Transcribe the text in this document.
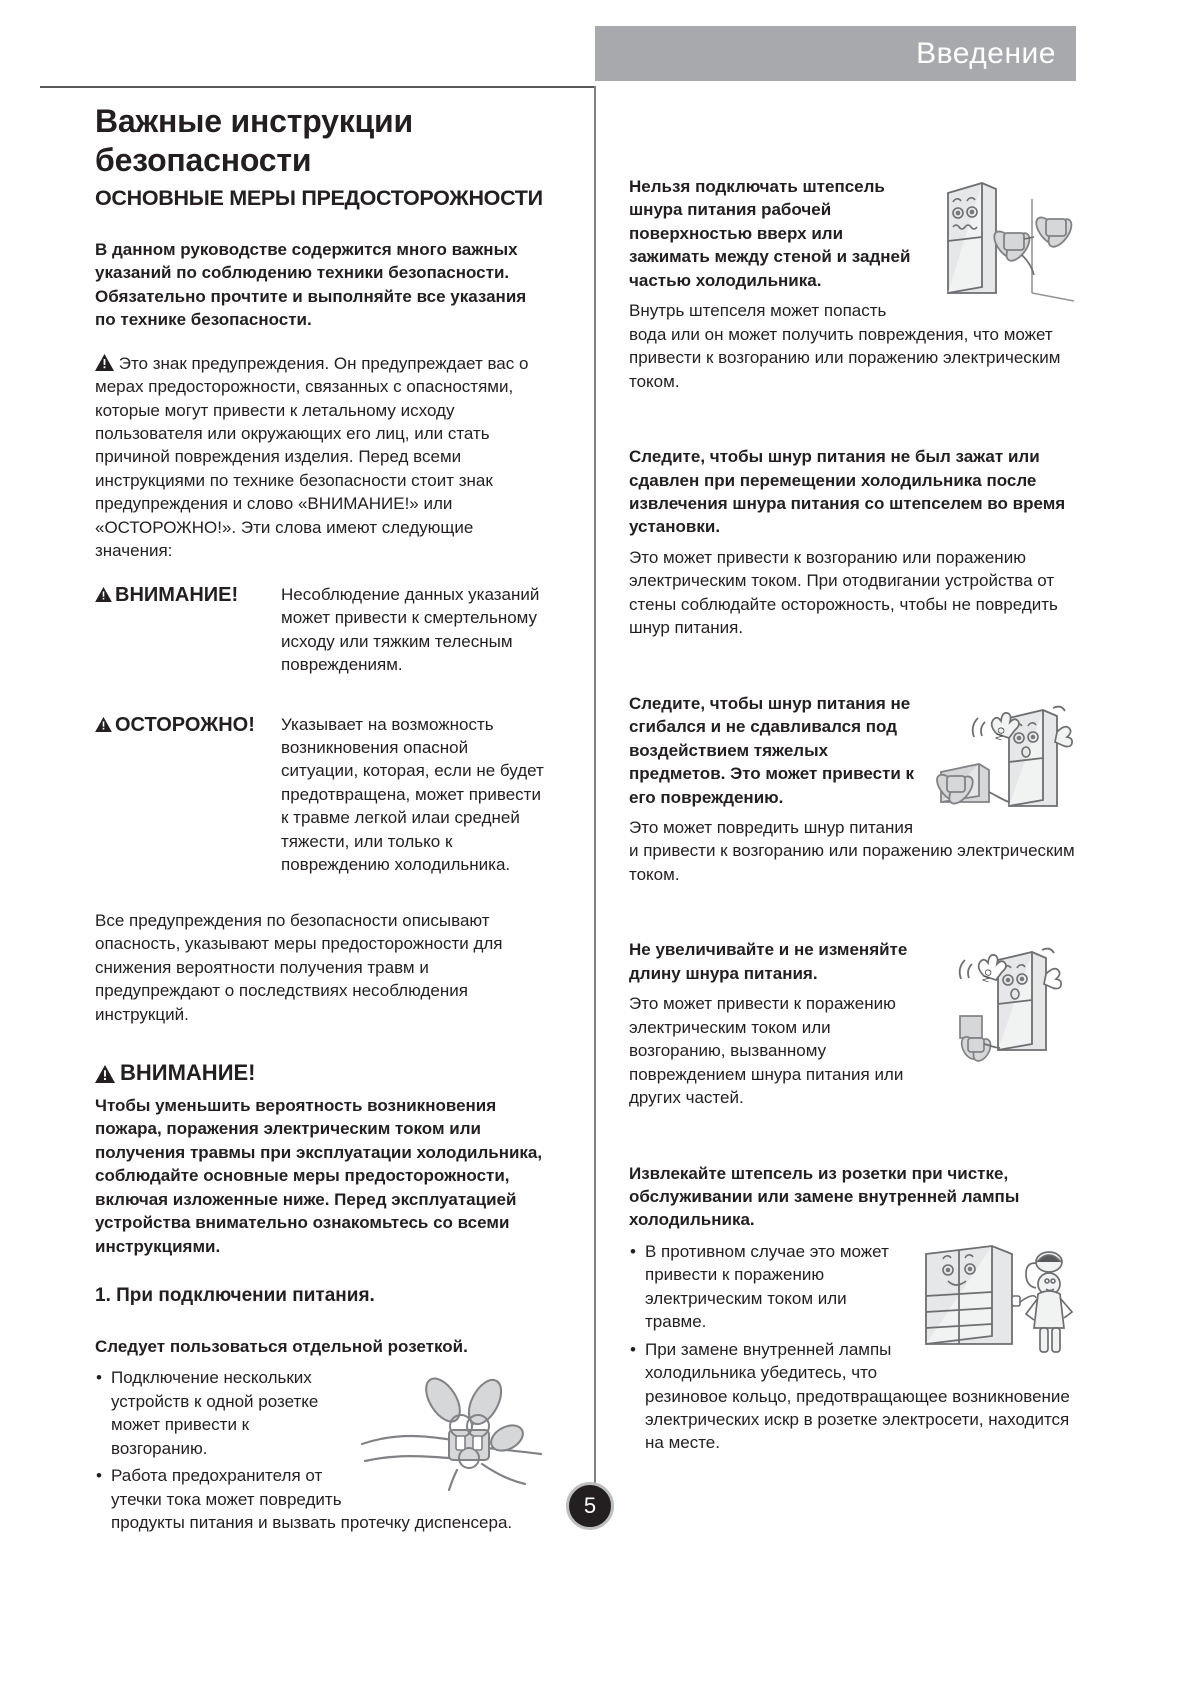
Введение
Важные инструкции безопасности
ОСНОВНЫЕ МЕРЫ ПРЕДОСТОРОЖНОСТИ

В данном руководстве содержится много важных указаний по соблюдению техники безопасности. Обязательно прочтите и выполняйте все указания по технике безопасности.

Это знак предупреждения. Он предупреждает вас о мерах предосторожности, связанных с опасностями, которые могут привести к летальному исходу пользователя или окружающих его лиц, или стать причиной повреждения изделия. Перед всеми инструкциями по технике безопасности стоит знак предупреждения и слово «ВНИМАНИЕ!» или «ОСТОРОЖНО!». Эти слова имеют следующие значения:

ВНИМАНИЕ!	Несоблюдение данных указаний может привести к смертельному исходу или тяжким телесным повреждениям.
ОСТОРОЖНО! Указывает на возможность возникновения опасной ситуации, которая, если не будет предотвращена, может привести к травме легкой илаи средней тяжести, или только к повреждению холодильника.

Все предупреждения по безопасности описывают опасность, указывают меры предосторожности для снижения вероятности получения травм и предупреждают о последствиях несоблюдения инструкций.

ВНИМАНИЕ!

Чтобы уменьшить вероятность возникновения пожара, поражения электрическим током или получения травмы при эксплуатации холодильника, соблюдайте основные меры предосторожности, включая изложенные ниже. Перед эксплуатацией устройства внимательно ознакомьтесь со всеми инструкциями.

1. При подключении питания.

Следует пользоваться отдельной розеткой.

• Подключение нескольких устройств к одной розетке может привести к возгоранию.
• Работа предохранителя от утечки тока может повредить продукты питания и вызвать протечку диспенсера.

Нельзя подключать штепсель шнура питания рабочей поверхностью вверх или зажимать между стеной и задней частью холодильника.

Внутрь штепселя может попасть вода или он может получить повреждения, что может привести к возгоранию или поражению электрическим током.

Следите, чтобы шнур питания не был зажат или сдавлен при перемещении холодильника после извлечения шнура питания со штепселем во время установки.

Это может привести к возгоранию или поражению электрическим током. При отодвигании устройства от стены соблюдайте осторожность, чтобы не повредить шнур питания.

NO

Следите, чтобы шнур питания не сгибался и не сдавливался под воздействием тяжелых предметов. Это может привести к его повреждению.

Это может повредить шнур питания и привести к возгоранию или поражению электрическим током.

NO

Не увеличивайте и не изменяйте длину шнура питания.

Это может привести к поражению электрическим током или возгоранию, вызванному повреждением шнура питания или других частей.

Извлекайте штепсель из розетки при чистке, обслуживании или замене внутренней лампы холодильника.

• В противном случае это может привести к поражению электрическим током или травме.
• При замене внутренней лампы холодильника убедитесь, что резиновое кольцо, предотвращающее возникновение электрических искр в розетке электросети, находится на месте.
5
